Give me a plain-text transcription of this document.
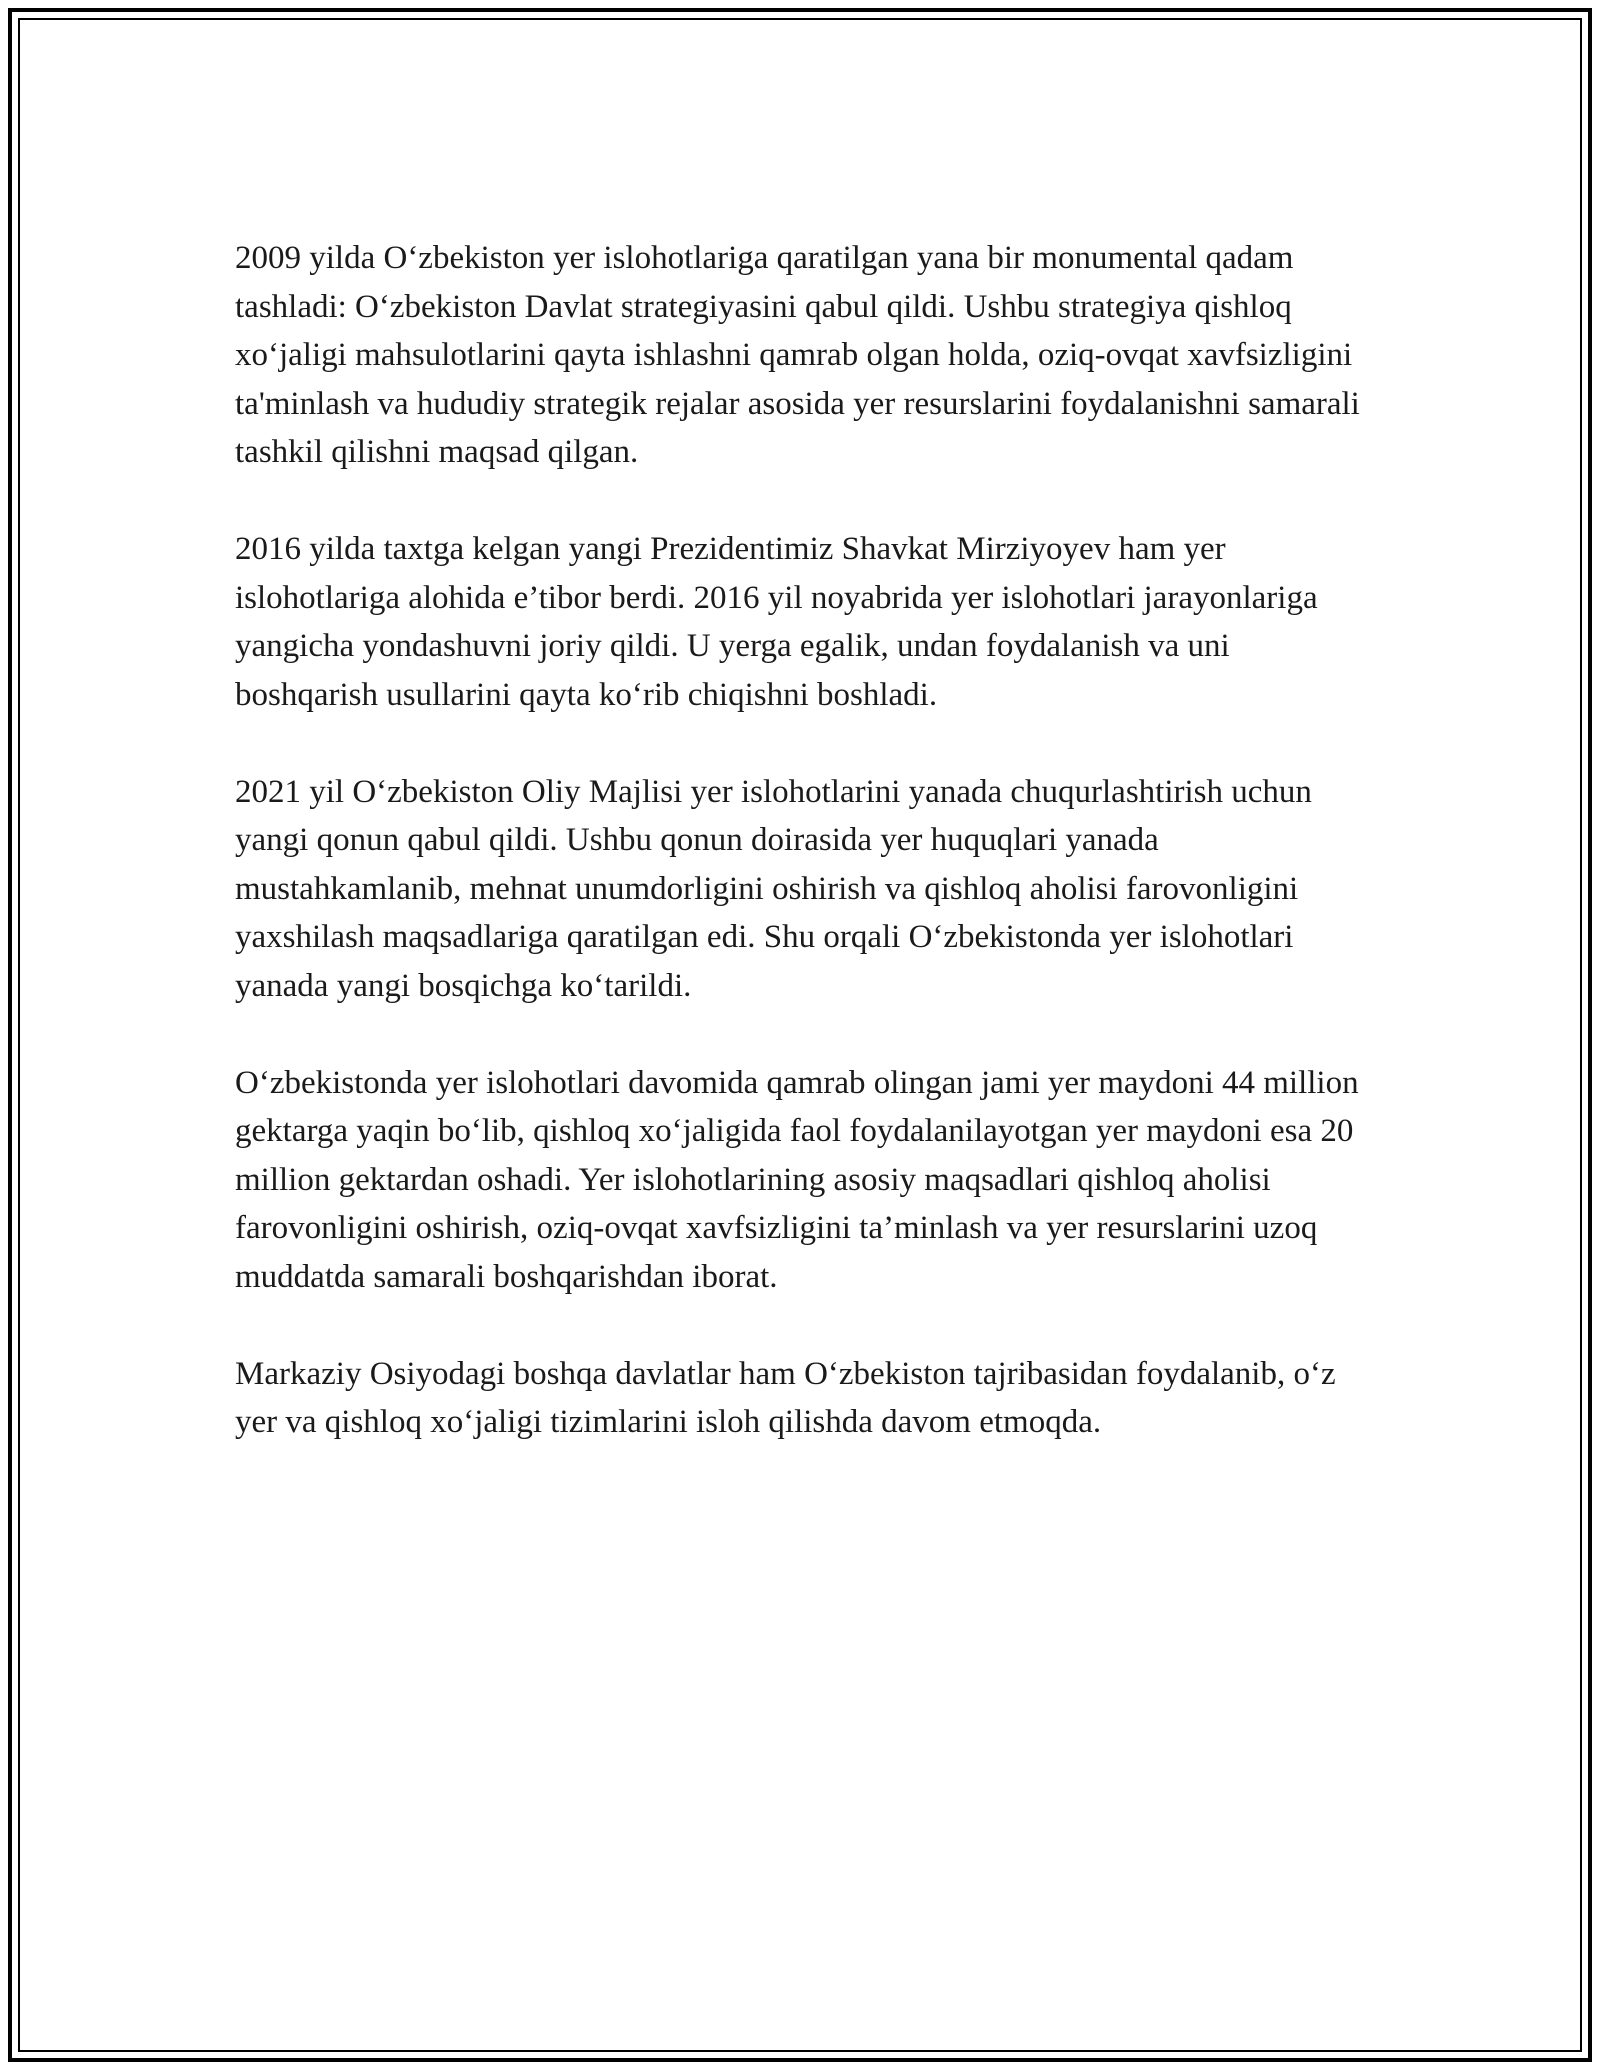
2009 yilda O‘zbekiston yer islohotlariga qaratilgan yana bir monumental qadam tashladi: O‘zbekiston Davlat strategiyasini qabul qildi. Ushbu strategiya qishloq xo‘jaligi mahsulotlarini qayta ishlashni qamrab olgan holda, oziq-ovqat xavfsizligini ta'minlash va hududiy strategik rejalar asosida yer resurslarini foydalanishni samarali tashkil qilishni maqsad qilgan.

2016 yilda taxtga kelgan yangi Prezidentimiz Shavkat Mirziyoyev ham yer islohotlariga alohida e’tibor berdi. 2016 yil noyabrida yer islohotlari jarayonlariga yangicha yondashuvni joriy qildi. U yerga egalik, undan foydalanish va uni boshqarish usullarini qayta ko‘rib chiqishni boshladi.

2021 yil O‘zbekiston Oliy Majlisi yer islohotlarini yanada chuqurlashtirish uchun yangi qonun qabul qildi. Ushbu qonun doirasida yer huquqlari yanada mustahkamlanib, mehnat unumdorligini oshirish va qishloq aholisi farovonligini yaxshilash maqsadlariga qaratilgan edi. Shu orqali O‘zbekistonda yer islohotlari yanada yangi bosqichga ko‘tarildi.

O‘zbekistonda yer islohotlari davomida qamrab olingan jami yer maydoni 44 million gektarga yaqin bo‘lib, qishloq xo‘jaligida faol foydalanilayotgan yer maydoni esa 20 million gektardan oshadi. Yer islohotlarining asosiy maqsadlari qishloq aholisi farovonligini oshirish, oziq-ovqat xavfsizligini ta’minlash va yer resurslarini uzoq muddatda samarali boshqarishdan iborat.

Markaziy Osiyodagi boshqa davlatlar ham O‘zbekiston tajribasidan foydalanib, o‘z yer va qishloq xo‘jaligi tizimlarini isloh qilishda davom etmoqda.
